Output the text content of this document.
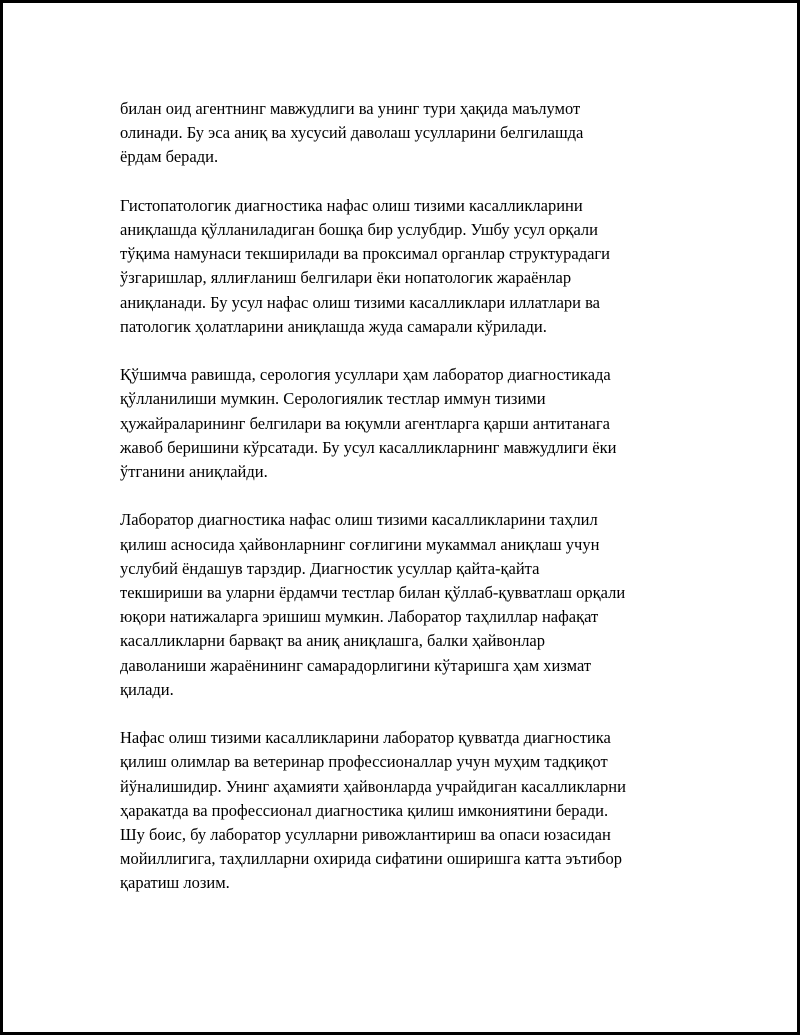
билан оид агентнинг мавжудлиги ва унинг тури ҳақида маълумот
олинади. Бу эса аниқ ва хусусий даволаш усулларини белгилашда
ёрдам беради.

Гистопатологик диагностика нафас олиш тизими касалликларини
аниқлашда қўлланиладиган бошқа бир услубдир. Ушбу усул орқали
тўқима намунаси текширилади ва проксимал органлар структурадаги
ўзгаришлар, яллиғланиш белгилари ёки нопатологик жараёнлар
аниқланади. Бу усул нафас олиш тизими касалликлари иллатлари ва
патологик ҳолатларини аниқлашда жуда самарали кўрилади.

Қўшимча равишда, серология усуллари ҳам лаборатор диагностикада
қўлланилиши мумкин. Серологиялик тестлар иммун тизими
ҳужайраларининг белгилари ва юқумли агентларга қарши антитанага
жавоб беришини кўрсатади. Бу усул касалликларнинг мавжудлиги ёки
ўтганини аниқлайди.

Лаборатор диагностика нафас олиш тизими касалликларини таҳлил
қилиш асносида ҳайвонларнинг соғлигини мукаммал аниқлаш учун
услубий ёндашув тарздир. Диагностик усуллар қайта-қайта
текшириши ва уларни ёрдамчи тестлар билан қўллаб-қувватлаш орқали
юқори натижаларга эришиш мумкин. Лаборатор таҳлиллар нафақат
касалликларни барвақт ва аниқ аниқлашга, балки ҳайвонлар
даволаниши жараёнининг самарадорлигини кўтаришга ҳам хизмат
қилади.

Нафас олиш тизими касалликларини лаборатор қувватда диагностика
қилиш олимлар ва ветеринар профессионаллар учун муҳим тадқиқот
йўналишидир. Унинг аҳамияти ҳайвонларда учрайдиган касалликларни
ҳаракатда ва профессионал диагностика қилиш имкониятини беради.
Шу боис, бу лаборатор усулларни ривожлантириш ва опаси юзасидан
мойиллигига, таҳлилларни охирида сифатини оширишга катта эътибор
қаратиш лозим.
